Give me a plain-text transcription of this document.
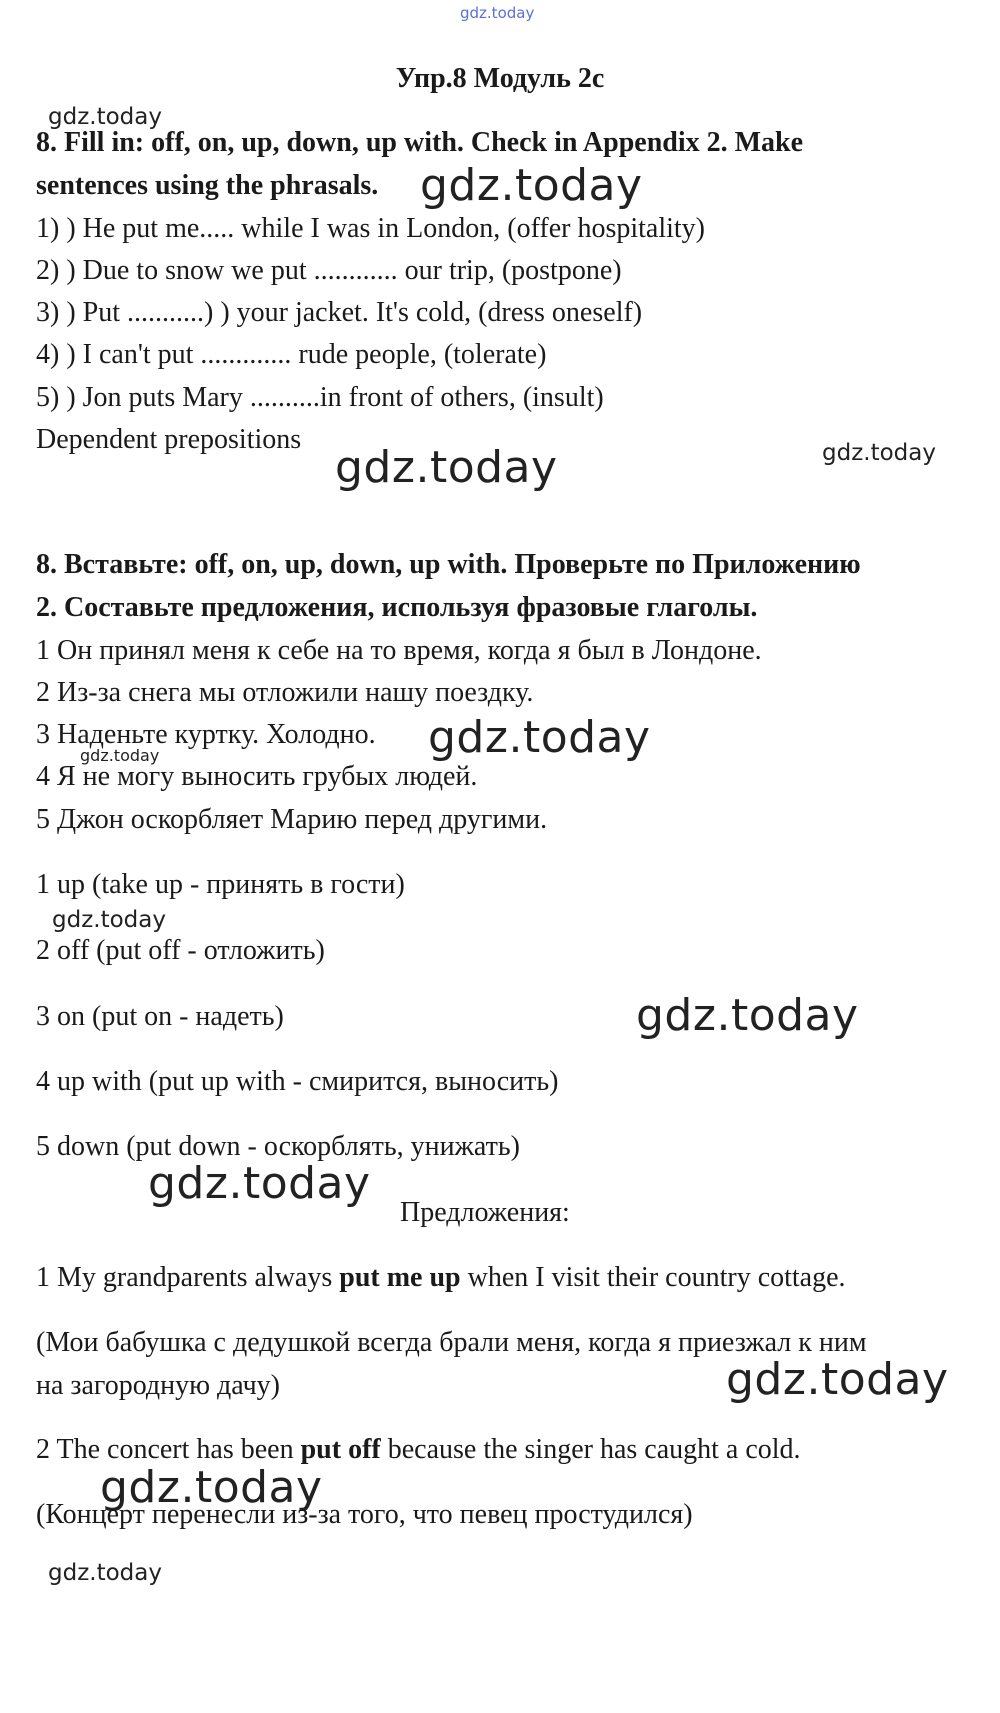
gdz.today
Упр.8 Модуль 2c
gdz.today
8. Fill in: off, on, up, down, up with. Check in Appendix 2. Make
sentences using the phrasals. gdz.today
1) ) He put me..... while I was in London, (offer hospitality)
2) ) Due to snow we put ............ our trip, (postpone)
3) ) Put ...........) ) your jacket. It's cold, (dress oneself)
4) ) I can't put ............. rude people, (tolerate)
5) ) Jon puts Mary ..........in front of others, (insult)
Dependent prepositions
gdz.today	gdz.today
8. Вставьте: off, on, up, down, up with. Проверьте по Приложению
2. Составьте предложения, используя фразовые глаголы.
1 Он принял меня к себе на то время, когда я был в Лондоне.
2 Из-за снега мы отложили нашу поездку.
3 Наденьте куртку. Холодно. gdz.today
gdz.today
4 Я не могу выносить грубых людей.
5 Джон оскорбляет Марию перед другими.
1 up (take up - принять в гости)
gdz.today
2 off (put off - отложить)
3 on (put on - надеть)	gdz.today
4 up with (put up with - смирится, выносить)
5 down (put down - оскорблять, унижать)
gdz.today
Предложения:
1 My grandparents always put me up when I visit their country cottage.
(Мои бабушка с дедушкой всегда брали меня, когда я приезжал к ним
на загородную дачу)	gdz.today
2 The concert has been put off because the singer has caught a cold.
gdz.today
(Концерт перенесли из-за того, что певец простудился)
gdz.today
